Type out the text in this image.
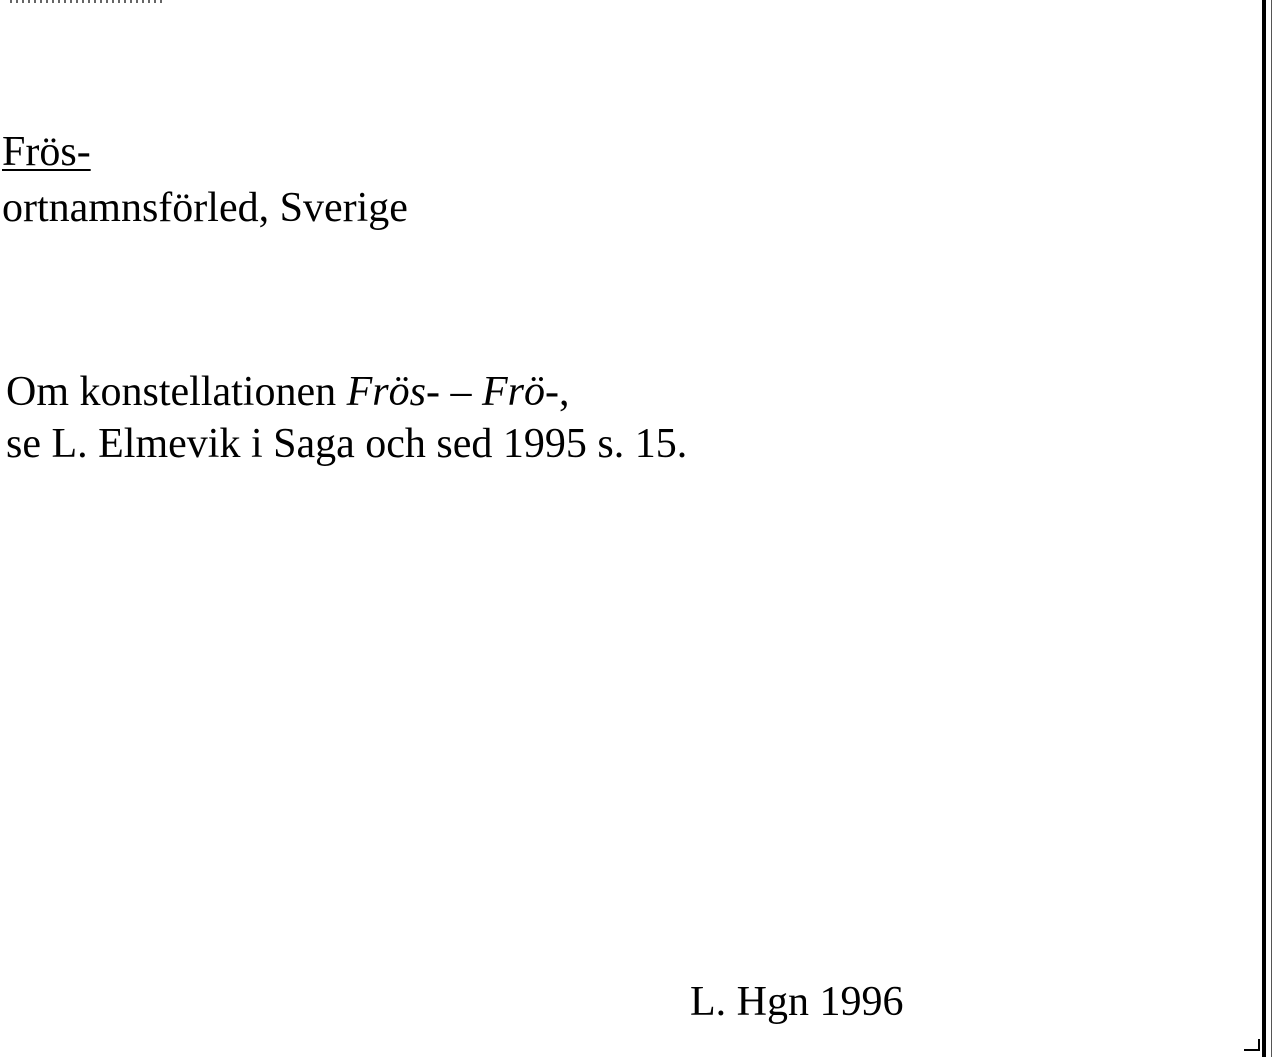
Frös-
ortnamnsförled, Sverige
Om konstellationen Frös- – Frö-,
se L. Elmevik i Saga och sed 1995 s. 15.
L. Hgn 1996
